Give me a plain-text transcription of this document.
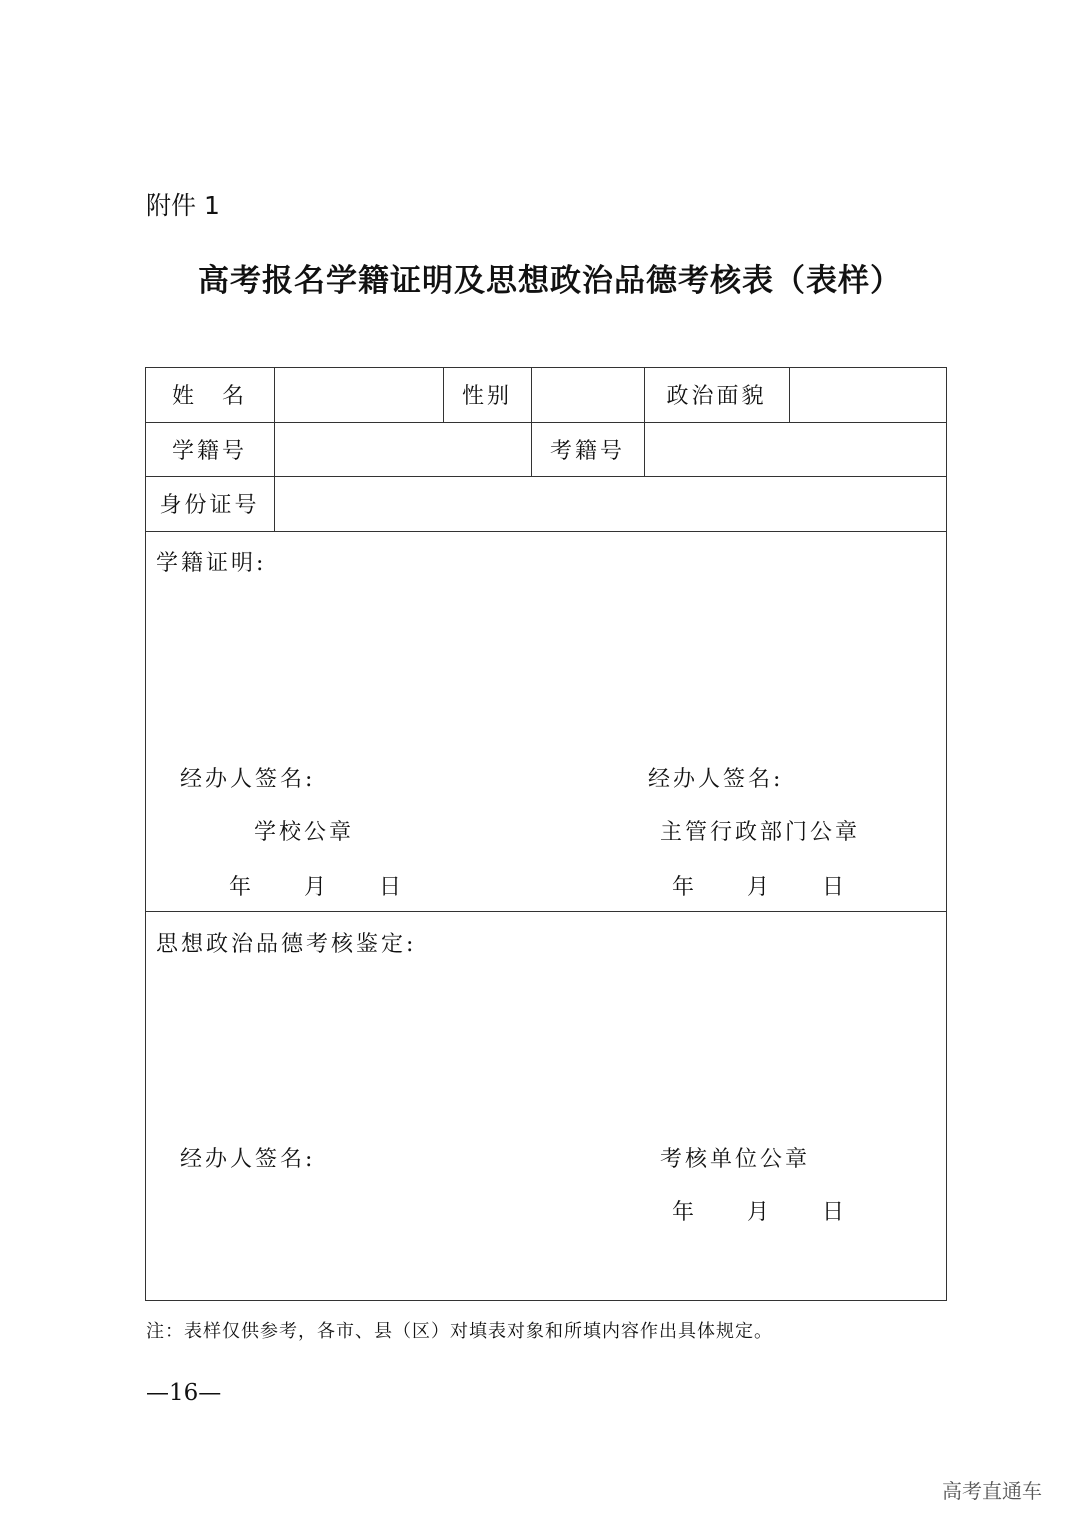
附件 1
高考报名学籍证明及思想政治品德考核表（表样）
姓　名	性别	政治面貌
学籍号	考籍号
身份证号
学籍证明:
经办人签名:
学校公章
年　　月　　日
经办人签名:
主管行政部门公章
年　　月　　日
思想政治品德考核鉴定:
经办人签名:	考核单位公章
年　　月　　日
注：表样仅供参考，各市、县（区）对填表对象和所填内容作出具体规定。
—16—
高考直通车
